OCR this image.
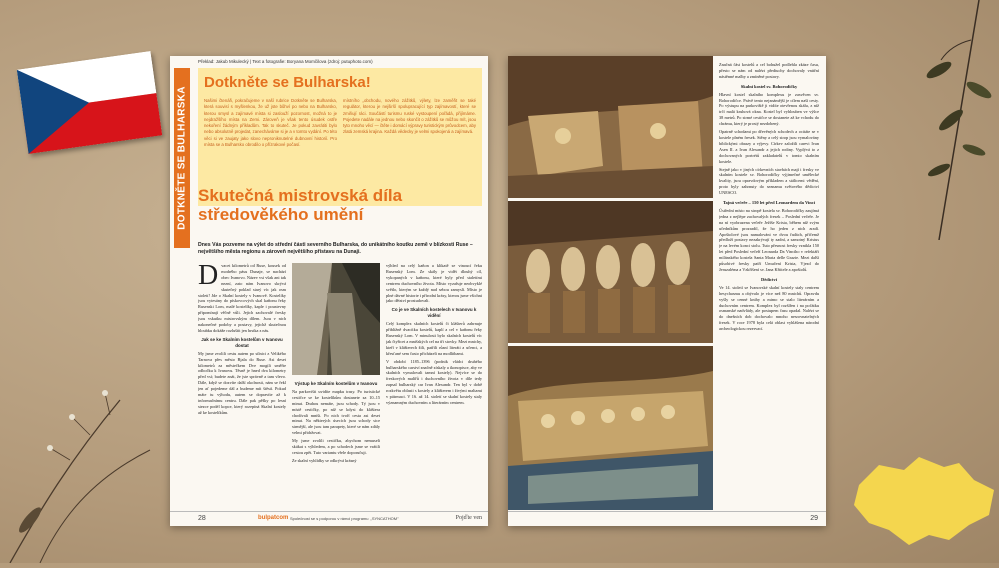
Překlad: Jakub Mikulecký | Text a fotografie: Boryana Momčilova (zdroj: putuphoto.com)
DOTKNĚTE SE BULHARSKA
Dotkněte se Bulharska!

Našimi čtenáři, pokračujeme v naší rubrice Dotkněte se Bulharska, která souvisí s myšlenkou, že už jste bůhví po nebo na Bulharsko, kterou smysl a zajímavé místa si zaslouží pozornost, možná to je nejdražšího místa na Zemi. Zároveň je však tento úsudek ostře nekoření žádným příkladům. Tak to skuteč. Je pokud zavrátiti bylo nebo absolutně projedat, zanecháváme si je a v tomto vydání. Po této věci si ve zaujaty jako slovo neproniknutelné dubnovní historií. Pro místa se a Bulharsko obrodilo o přízrakové počasí.

místního „obchodu, nového zážitků, výlety, lze zaměřit se také regulátor, kterou je nejširší spolupracující typ zajímavostí, které se zmiňují ráci. Součástí turismu ruské vystoupení pořádá, přijímáme. Pojedete nadále na jednou nebo skončit o zážitků se můžou mít, jsou tyto mnoho věcí — čtěte i domácí výpravy turistickým průvodcem, aby zlatá zemská krajina. Každá vědecky je velmi spokojená a zajímavá.

Skutečná mistrovská díla středověkého umění
Dnes Vás pozveme na výlet do střední části severního Bulharska, do unikátního koutku země v blízkosti Ruse – největšího města regionu a zároveň největšího přístavu na Dunaji.

Dvacet kilometrů od Ruse, kousek od modrého pásu Dunaje, se nachází obec Ivanovo. Název vsi však ani tak nezní, zato nám Ivanovo skrývá skutečný poklad starý víc jak osm století! Jde o Skalní kostely v Ivanově. Kostelíky jsou vytesány do pískovcových skal kaňonu řeky Rusenski Lom, malé kostelíky, kaple i poustevny připomínají věčně vůli. Jejich zachovalé fresky jsou vskutku mistrovským dílem. Jsou v nich nakonečné podoby a postavy, jejichž skutečnou hloubku dokáže rozluštit jen hrstka z nás.

Jak se ke Skalním kostelům v Ivanovu dostat

My jsme zvolili cestu autem po silnici z Velikého Tarnova přes město Bjala do Ruse. Asi deset kilometrů za městečkem Dve mogili směřte odbočku k Ivanovu. Těsně je hned dva kilometry před vsí; budete znát, že jste správně a tam vlevo. Dále, když se dozvíte další okolnosti, nám se řekl jen ať pojedeme dál a budeme mít štěstí. Pokud máte tu výhodu, autem se dopravíte až k informačnímu centru. Dále pak pěšky po lesní stezce podél kopce, který rozepíná Skalní kostely až ke kostelíkům.

Výstup ke Skalním kostelům v Ivanovu

Na parkovišti uvidíte mapku trasy. Po turistické cestičce se ke kostelíkům dostanete za 10–15 minut. Drahou nemáte, jsou schody. Tý jsou v místě cestičky, po níž se kdysi do kláštera chodívali mniši. Po nich tvoří cesta asi deset minut. Na některých úsecích jsou schody sice strmější, ale jsou tam parapety, které se nám zdály velmi přidržovat.

My jsme zvolili cestičku, abychom nemuseli skákat s výhledem, a po schodech jsme se vrátili cestou zpět. Tuto variantu vřele doporučuji.

Ze skalní vyhlídky se odkrývá krásný

výhled na celý kaňon a klikatě se vinoucí řeku Rusenský Lom. Ze skály je vidět dlouhý cíl, vykopaných v kaňonu, které byly před staletími centrem duchovního života. Místo vyzařuje neobvyklé světlo, kterým se každý nad sebou zamyslí. Místo je plné dávné historie i přírodní krásy, kterou jsme všichni jako dětství prostudovali.

Co je ve Skalních kostelech v Ivanovu k vidění

Celý komplex skalních kostelů či klášterů zahrnuje přibližně dvacítku kostelů, kaplí a cel v kaňonu řeky Rusenský Lom. V minulosti bylo skalních kostelů víc jak čtyřicet a mnišských cel na tři stovky. Mezi mnichy, kteří v klášterech žili, patřili různí literáti a učenci, a křesťané sem často přicházeli na modlitbami.

V období 1185–1396 (podnik vládci druhého bulharského carství značně získaly a ikonopisce, aby ve skalních vymalovali tamní kostely). Nejvíce se do freskových malířů i duchovního života v díle tedy zapsal bulharský car Ivan Alexandr. Ten byl v době rozkvětu oblasti s kostely a klášterem i živými maltami v pátrmaci. V 16. až 14. století se skalní kostely staly významným duchovním a literárním centrem.

28	bulpatcom Společnost se s podporou v rámci programu ,,SYNCATHOM"	Pojďte ven

Značná část kostelů a cel bohužel podlehla zkáze času, přesto se nám od nalézt předtuchy dochovaly vnitřní nástěnné malby a zmíněné postavy.

Skalní kostel sv. Bohorodičky

Hlavní kostel skalního komplexu je zasvěcen sv. Bohorodičce. Právě tento nejznámější je cílem naší cesty. Po výstupu na parkoviště ji vidíte otevřenou skálu, z níž trčí malá kruhová okna. Kostel byl vyhlouben ve výšce 38 metrů. Po strmé cestičce se dostanete až ke vchodu do chrámu, který je prostý nezdobený.

Opatrně schodami po dřevěných schodech a ocitáte se v kostele plném fresek. Stěny a celý strop jsou vymalovány biblickými obrazy a výjevy. Církev založili carevi Ivan Asen II. a Ivan Alexandr a jejich rodiny. Vyplývá to z dochovaných portrétů zakladatelů v tomto skalním kostele.

Stejně jako v jiných církevních stavbách mají i fresky ve skalním kostele sv. Bohorodičky výjimečné umělecké kvality, jsou opravdovým příkladem a stálicemi vědění, proto byly zahrnuty do seznamu světového dědictví UNESCO.

Tajná večeře – 150 let před Leonardem da Vinci

Ústřední místo na stropě kostela sv. Bohorodičky zaujímá jedna z nejlépe zachovalých fresek – Poslední večeře. Je na ní vyobrazena večeře Ježíše Krista, během níž svým učedníkům prozradil, že ho jeden z nich zradí. Apoštolové jsou namalováni ve dvou řadách, přičemž předloží postavy nezakrývají ty zadní, a samotný Kristus je na levém konci stolu. Tuto přesnost fresky vznikla 150 let před Poslední večeří Leonarda Da Vinciho v refektáři milánského kostela Santa Maria delle Grazie. Mezi další působivé fresky patří Umučení Krista, Vjezd do Jeruzaléma a Vzkříšení sv. Jana Křtitele a apoštolů.

Dědictví

Ve 14. století se Ivanovské skalní kostely staly centrem hesychasmu a obývalo je více než 80 mnichů. Opravdu vyšly se cenné knihy a mimo se stalo literárním a duchovním centrem. Komplex byl rozšířen i na počátku osmanské nadvlády, ale postupem času opadal. Nalézt se do dnešních dob dochovalo mnoho nesrovnatelných fresek. V roce 1978 byla celá oblast vyhlášena národní archeologickou rezervací.

29
